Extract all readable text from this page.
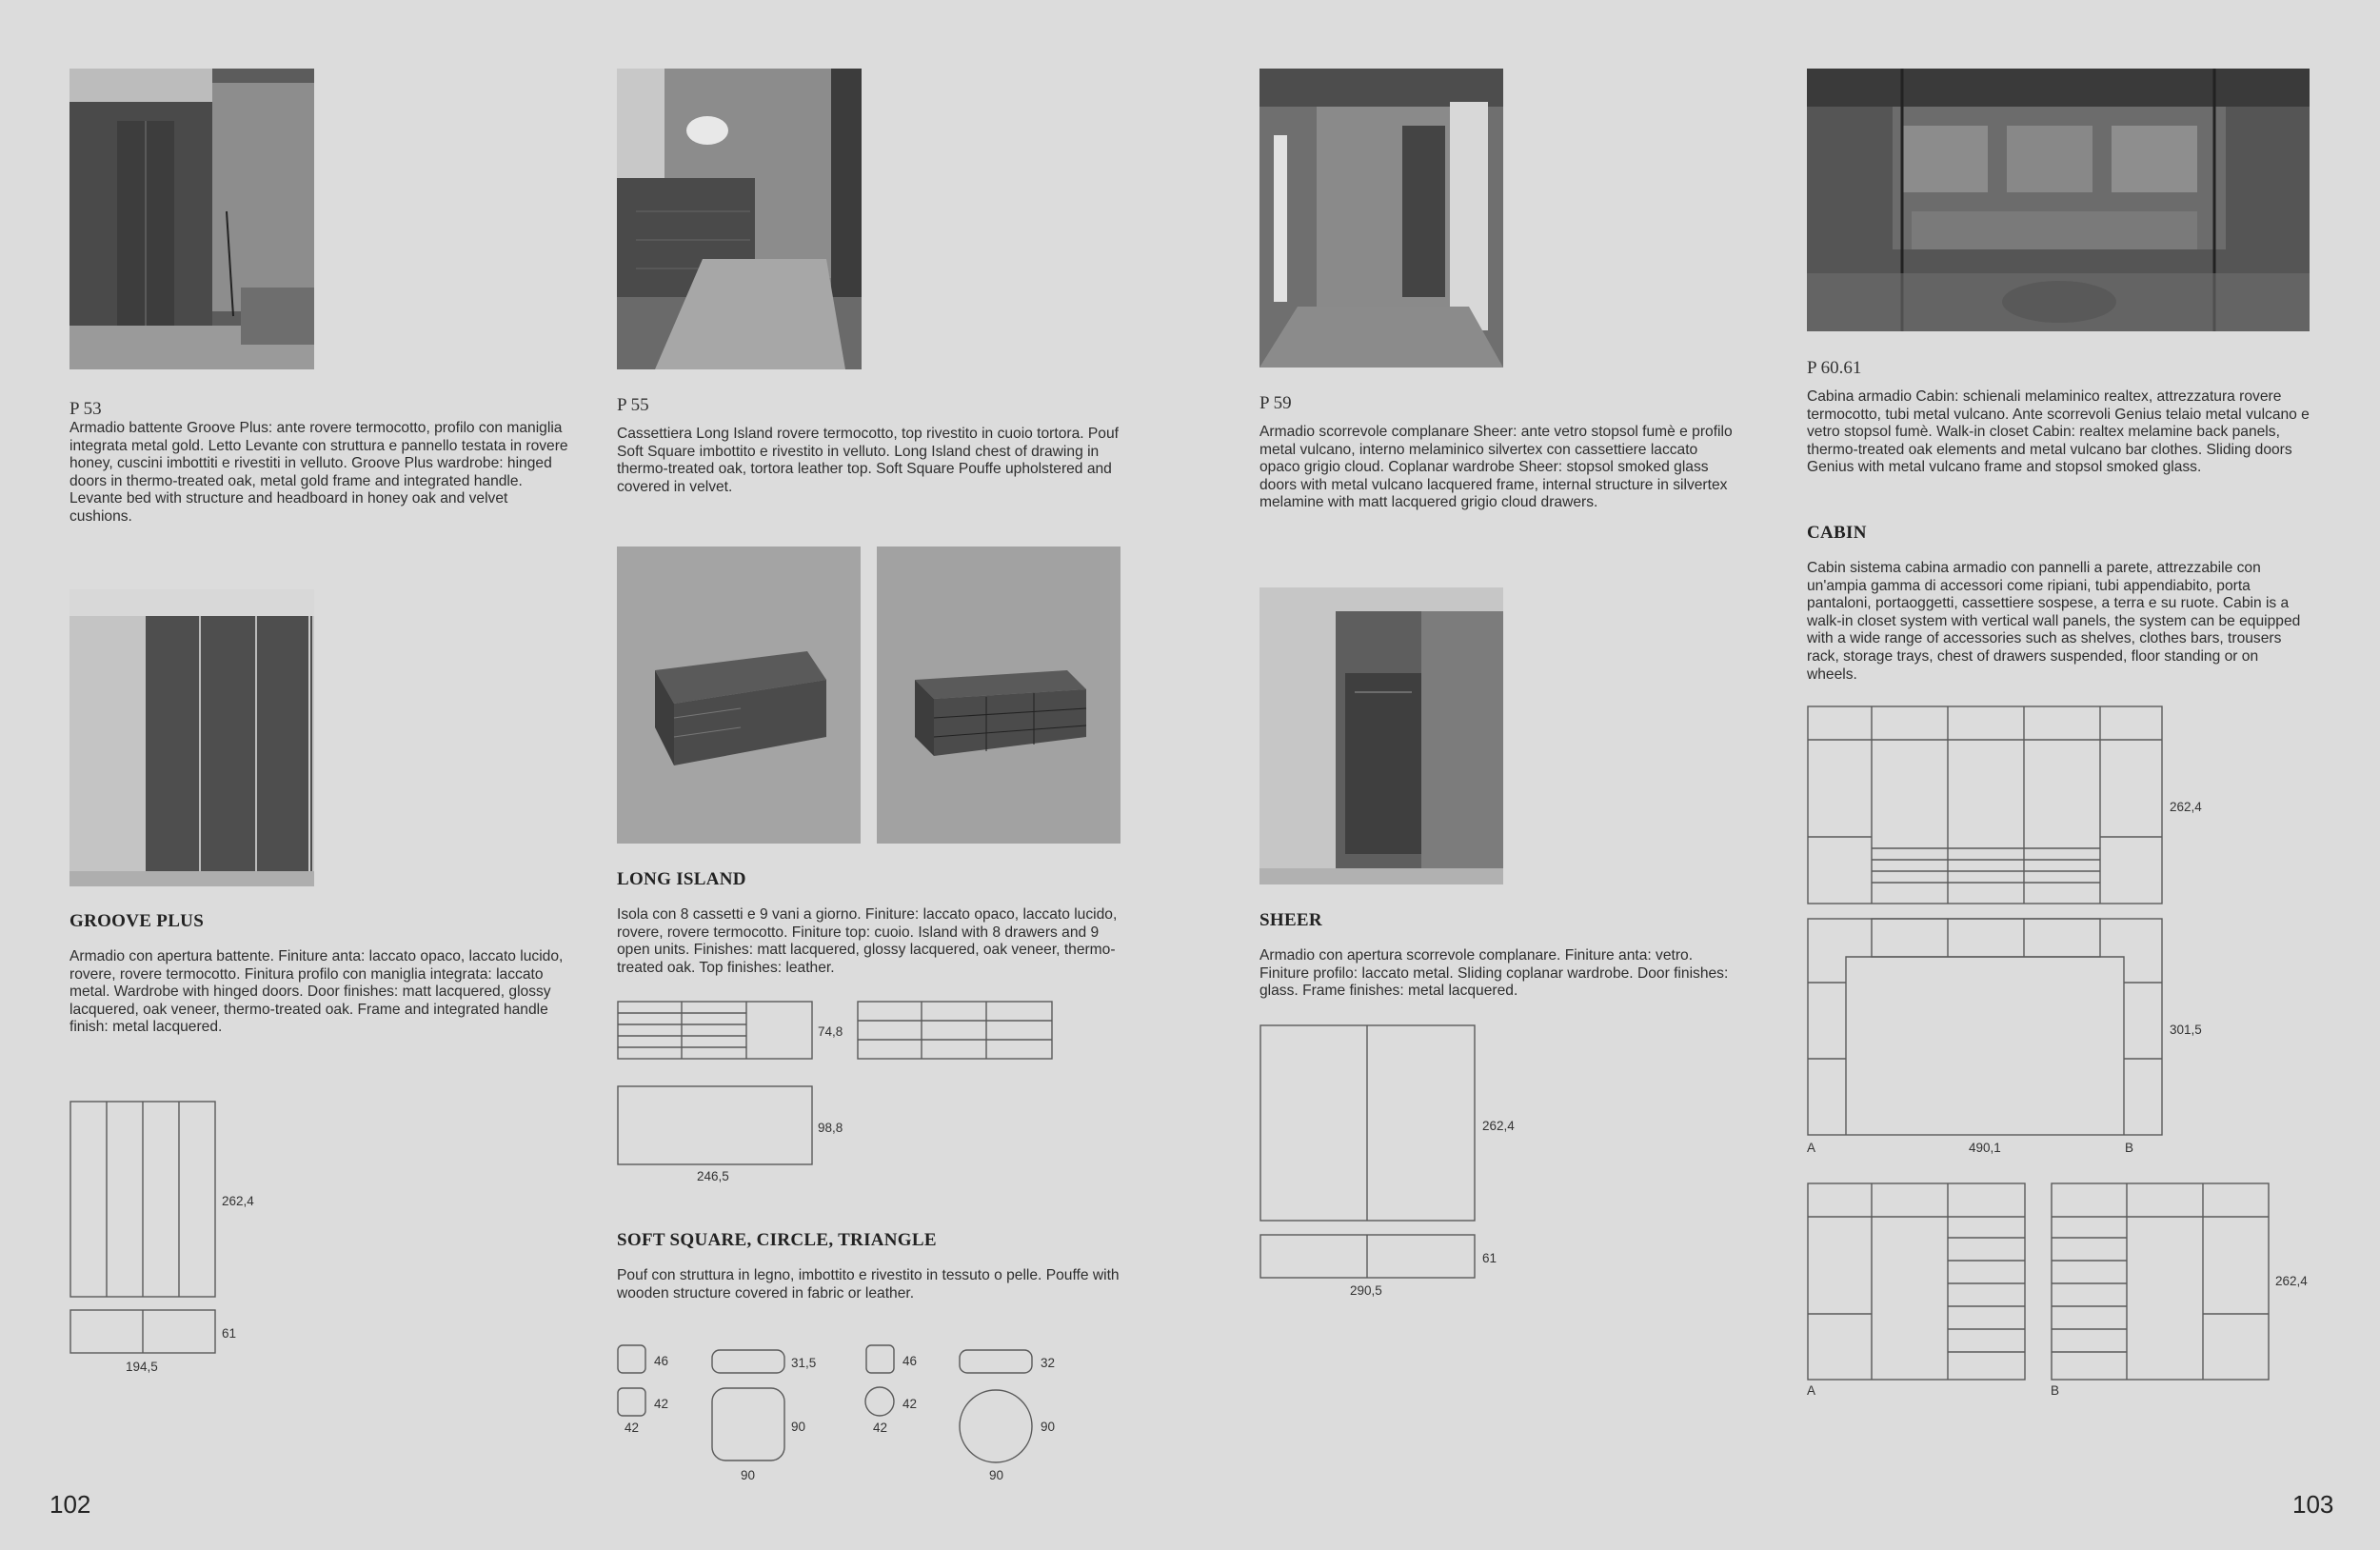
P 53
Armadio battente Groove Plus: ante rovere termocotto, profilo con maniglia integrata metal gold. Letto Levante con struttura e pannello testata in rovere honey, cuscini imbottiti e rivestiti in velluto. Groove Plus wardrobe: hinged doors in thermo-treated oak, metal gold frame and integrated handle. Levante bed with structure and headboard in honey oak and velvet cushions.
P 55
Cassettiera Long Island rovere termocotto, top rivestito in cuoio tortora. Pouf Soft Square imbottito e rivestito in velluto. Long Island chest of drawing in thermo-treated oak, tortora leather top. Soft Square Pouffe upholstered and covered in velvet.
P 59
Armadio scorrevole complanare Sheer: ante vetro stopsol fumè e profilo metal vulcano, interno melaminico silvertex con cassettiere laccato opaco grigio cloud. Coplanar wardrobe Sheer: stopsol smoked glass doors with metal vulcano lacquered frame, internal structure in silvertex melamine with matt lacquered grigio cloud drawers.
P 60.61
Cabina armadio Cabin: schienali melaminico realtex, attrezzatura rovere termocotto, tubi metal vulcano. Ante scorrevoli Genius telaio metal vulcano e vetro stopsol fumè. Walk-in closet Cabin: realtex melamine back panels, thermo-treated oak elements and metal vulcano bar clothes. Sliding doors Genius with metal vulcano frame and stopsol smoked glass.
GROOVE PLUS
Armadio con apertura battente. Finiture anta: laccato opaco, laccato lucido, rovere, rovere termocotto. Finitura profilo con maniglia integrata: laccato metal. Wardrobe with hinged doors. Door finishes: matt lacquered, glossy lacquered, oak veneer, thermo-treated oak. Frame and integrated handle finish: metal lacquered.
LONG ISLAND
Isola con 8 cassetti e 9 vani a giorno. Finiture: laccato opaco, laccato lucido, rovere, rovere termocotto. Finiture top: cuoio. Island with 8 drawers and 9 open units. Finishes: matt lacquered, glossy lacquered, oak veneer, thermo-treated oak. Top finishes: leather.
SOFT SQUARE, CIRCLE, TRIANGLE
Pouf con struttura in legno, imbottito e rivestito in tessuto o pelle. Pouffe with wooden structure covered in fabric or leather.
SHEER
Armadio con apertura scorrevole complanare. Finiture anta: vetro. Finiture profilo: laccato metal. Sliding coplanar wardrobe. Door finishes: glass. Frame finishes: metal lacquered.
CABIN
Cabin sistema cabina armadio con pannelli a parete, attrezzabile con un'ampia gamma di accessori come ripiani, tubi appendiabito, porta pantaloni, portaoggetti, cassettiere sospese, a terra e su ruote. Cabin is a walk-in closet system with vertical wall panels, the system can be equipped with a wide range of accessories such as shelves, clothes bars, trousers rack, storage trays, chest of drawers suspended, floor standing or on wheels.
262,4
61
194,5
74,8
98,8
246,5
46
42
42
31,5
90
90
46
42
42
32
90
90
262,4
61
290,5
262,4
301,5
A	490,1	B
A
262,4
B
102	103
